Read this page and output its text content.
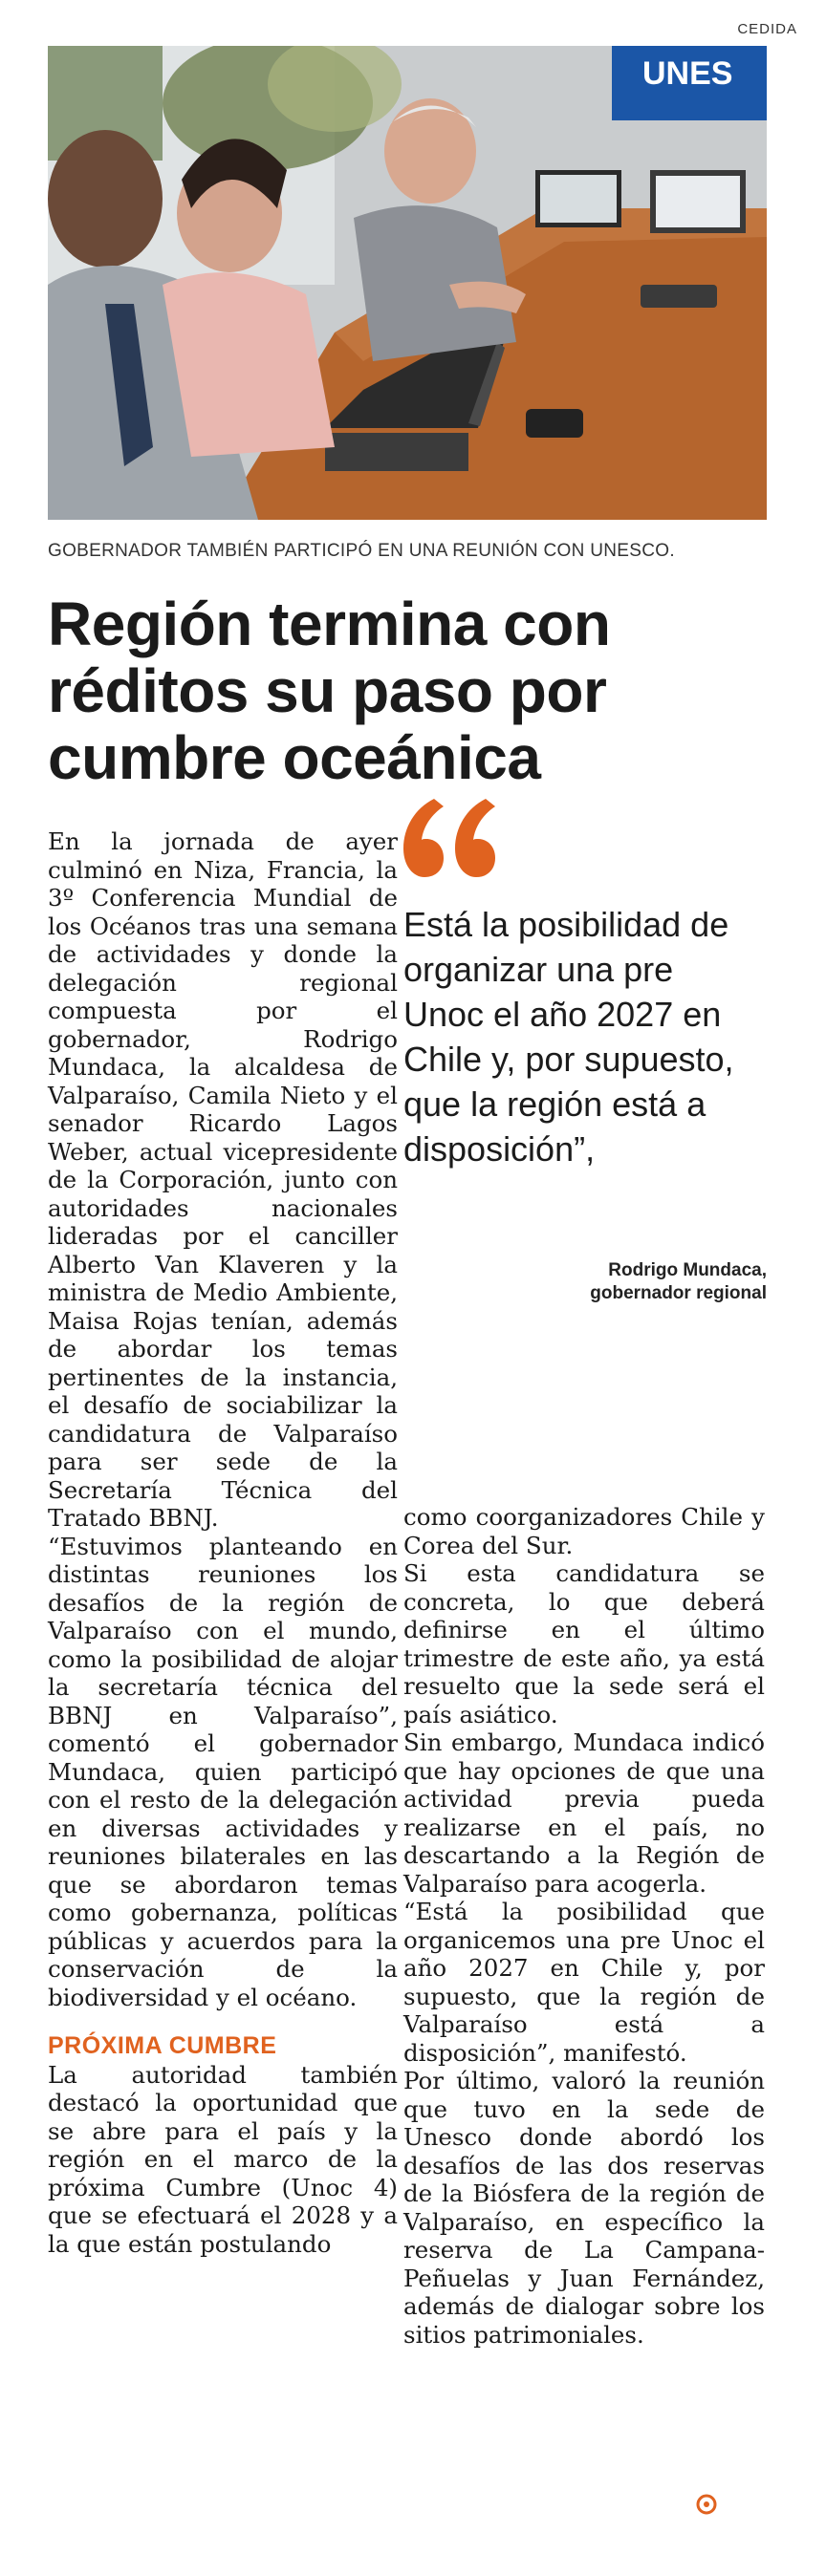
CEDIDA
UNES
GOBERNADOR TAMBIÉN PARTICIPÓ EN UNA REUNIÓN CON UNESCO.
Región termina con réditos su paso por cumbre oceánica

En la jornada de ayer culminó en Niza, Francia, la 3º Conferencia Mundial de los Océanos tras una semana de actividades y donde la delegación regional compuesta por el gobernador, Rodrigo Mundaca, la alcaldesa de Valparaíso, Camila Nieto y el senador Ricardo Lagos Weber, actual vicepresidente de la Corporación, junto con autoridades nacionales lideradas por el canciller Alberto Van Klaveren y la ministra de Medio Ambiente, Maisa Rojas tenían, además de abordar los temas pertinentes de la instancia, el desafío de sociabilizar la candidatura de Valparaíso para ser sede de la Secretaría Técnica del Tratado BBNJ.

“Estuvimos planteando en distintas reuniones los desafíos de la región de Valparaíso con el mundo, como la posibilidad de alojar la secretaría técnica del BBNJ en Valparaíso”, comentó el gobernador Mundaca, quien participó con el resto de la delegación en diversas actividades y reuniones bilaterales en las que se abordaron temas como gobernanza, políticas públicas y acuerdos para la conservación de la biodiversidad y el océano.

PRÓXIMA CUMBRE

La autoridad también destacó la oportunidad que se abre para el país y la región en el marco de la próxima Cumbre (Unoc 4) que se efectuará el 2028 y a la que están postulando

Está la posibilidad de organizar una pre Unoc el año 2027 en Chile y, por supuesto, que la región está a disposición”,

Rodrigo Mundaca,
gobernador regional

como coorganizadores Chile y Corea del Sur.

Si esta candidatura se concreta, lo que deberá definirse en el último trimestre de este año, ya está resuelto que la sede será el país asiático.

Sin embargo, Mundaca indicó que hay opciones de que una actividad previa pueda realizarse en el país, no descartando a la Región de Valparaíso para acogerla.

“Está la posibilidad que organicemos una pre Unoc el año 2027 en Chile y, por supuesto, que la región de Valparaíso está a disposición”, manifestó.

Por último, valoró la reunión que tuvo en la sede de Unesco donde abordó los desafíos de las dos reservas de la Biósfera de la región de Valparaíso, en específico la reserva de La Campana-Peñuelas y Juan Fernández, además de dialogar sobre los sitios patrimoniales.
